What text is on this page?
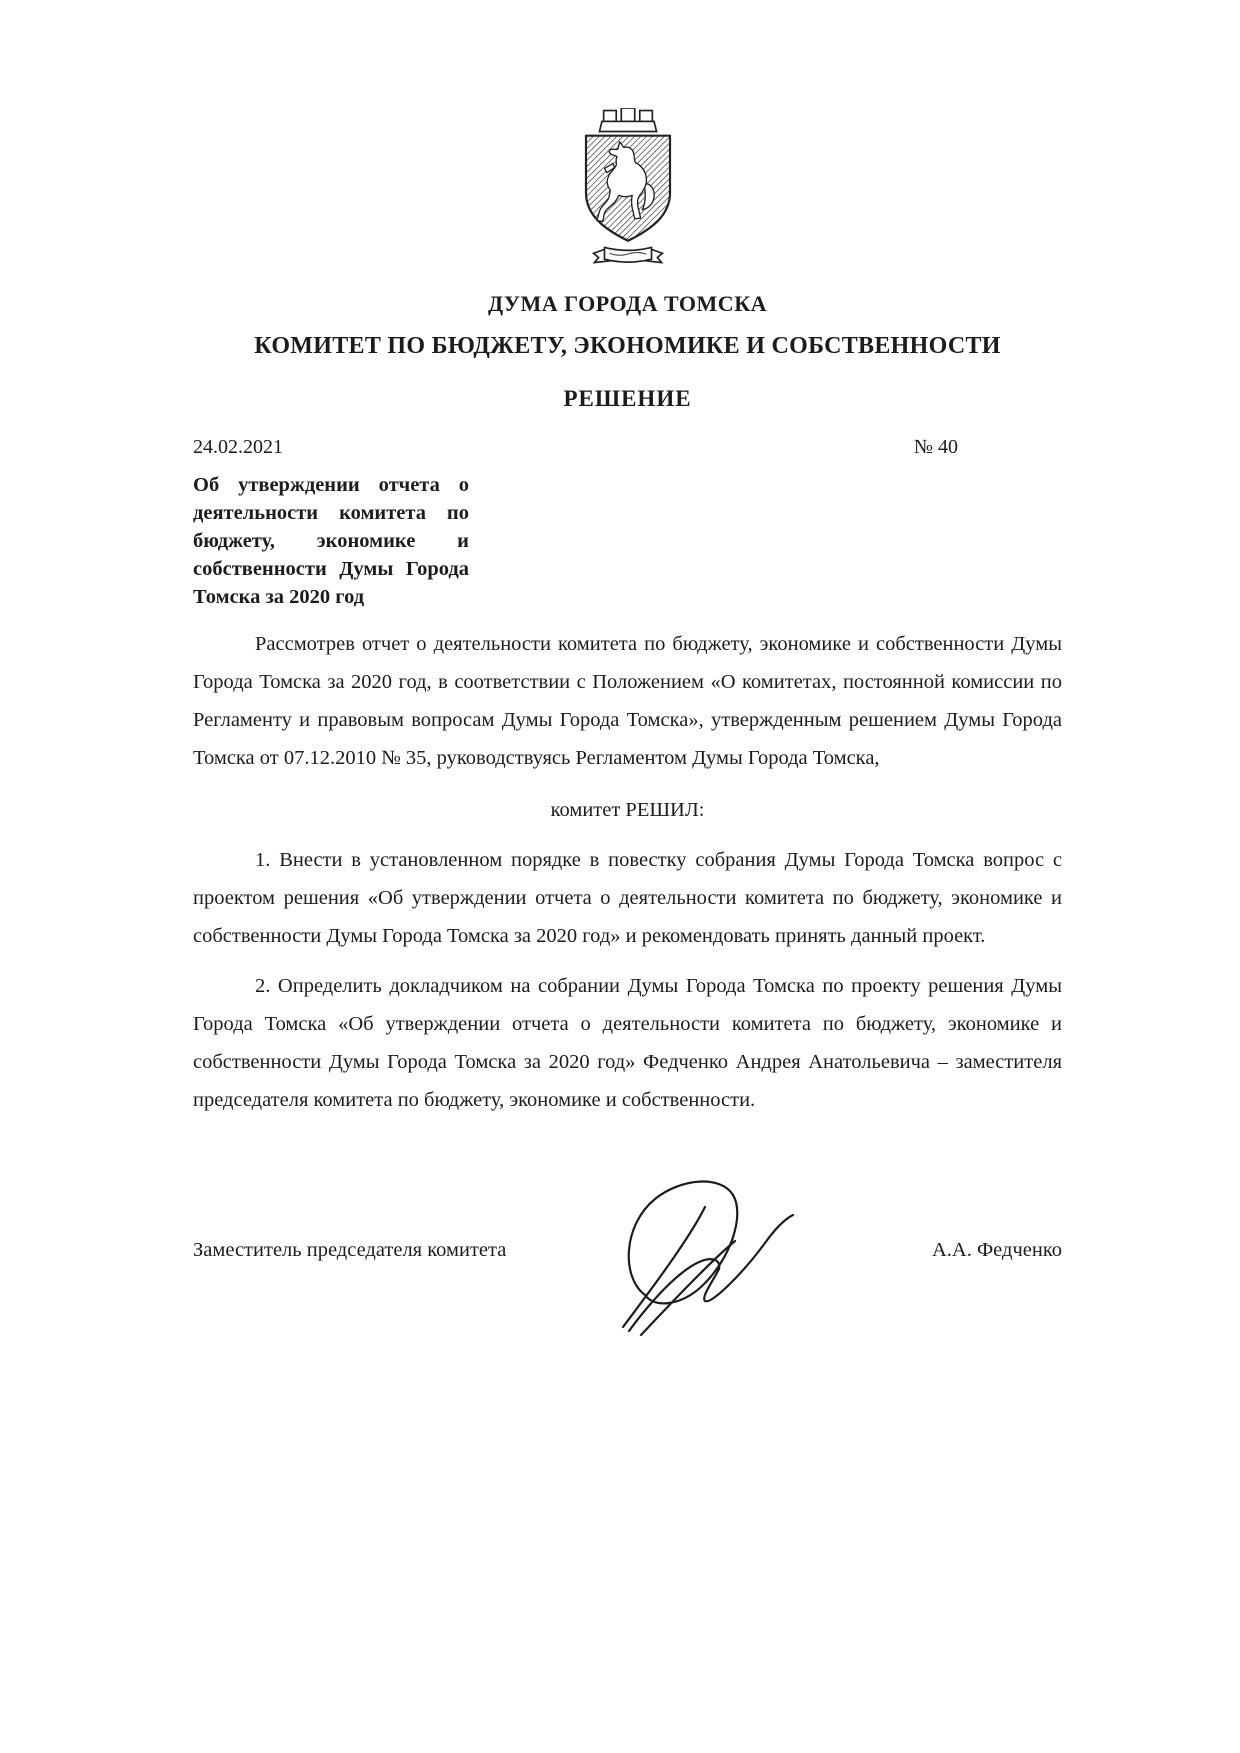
ДУМА ГОРОДА ТОМСКА
КОМИТЕТ ПО БЮДЖЕТУ, ЭКОНОМИКЕ И СОБСТВЕННОСТИ
РЕШЕНИЕ
24.02.2021	№ 40
Об утверждении отчета о деятельности комитета по бюджету, экономике и собственности Думы Города Томска за 2020 год
Рассмотрев отчет о деятельности комитета по бюджету, экономике и собственности Думы Города Томска за 2020 год, в соответствии с Положением «О комитетах, постоянной комиссии по Регламенту и правовым вопросам Думы Города Томска», утвержденным решением Думы Города Томска от 07.12.2010 № 35, руководствуясь Регламентом Думы Города Томска,
комитет РЕШИЛ:
1. Внести в установленном порядке в повестку собрания Думы Города Томска вопрос с проектом решения «Об утверждении отчета о деятельности комитета по бюджету, экономике и собственности Думы Города Томска за 2020 год» и рекомендовать принять данный проект.
2. Определить докладчиком на собрании Думы Города Томска по проекту решения Думы Города Томска «Об утверждении отчета о деятельности комитета по бюджету, экономике и собственности Думы Города Томска за 2020 год» Федченко Андрея Анатольевича – заместителя председателя комитета по бюджету, экономике и собственности.
Заместитель председателя комитета	А.А. Федченко
